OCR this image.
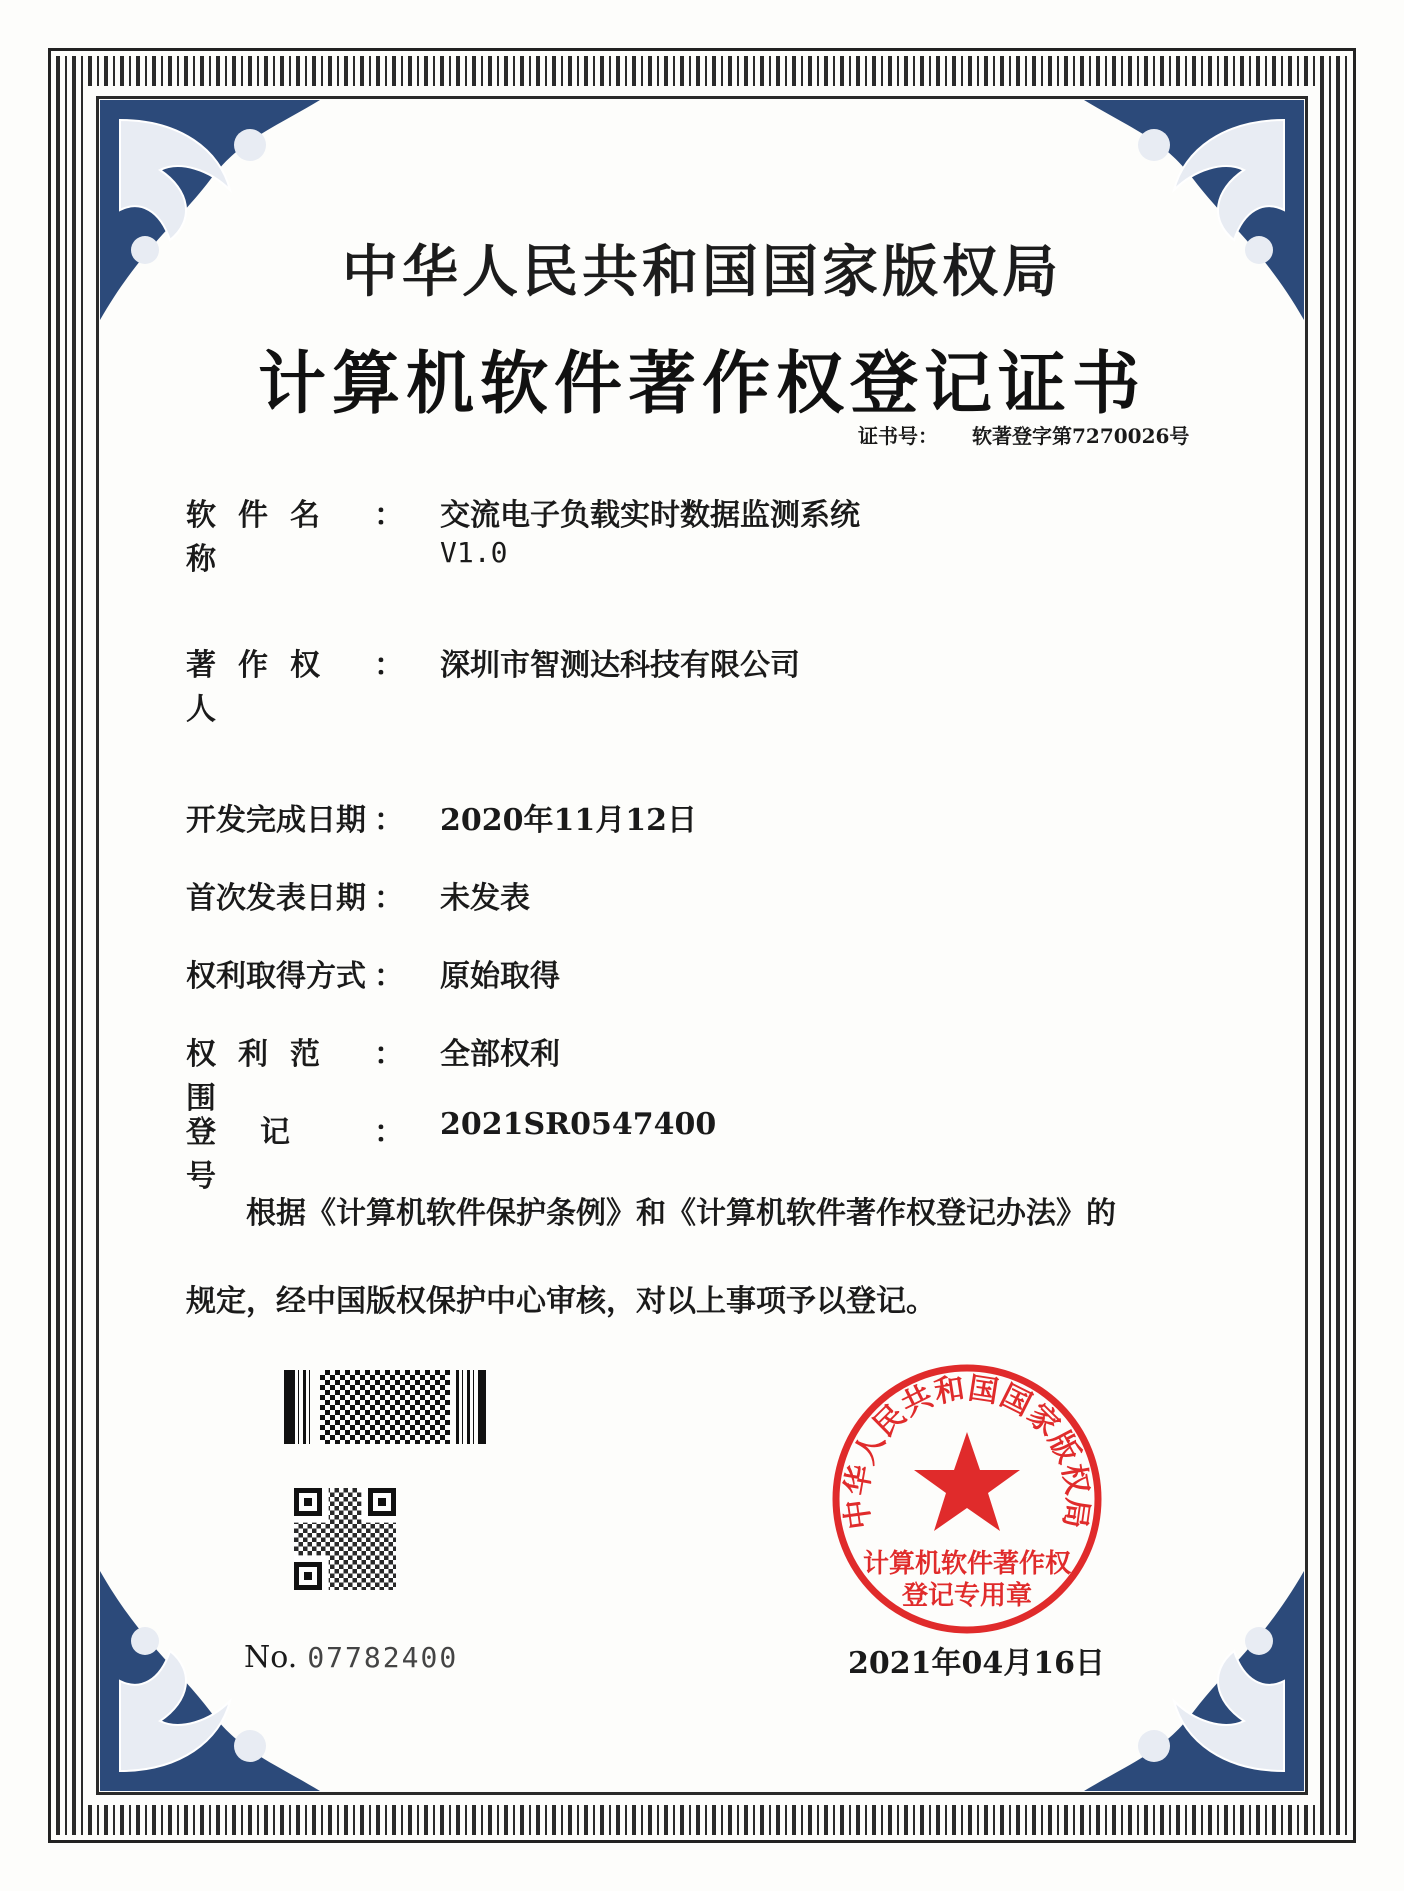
中华人民共和国国家版权局
计算机软件著作权登记证书
证书号： 软著登字第7270026号
软件名称
： 交流电子负载实时数据监测系统
V1.0
著作权人
： 深圳市智测达科技有限公司
开发完成日期 ： 2020年11月12日
首次发表日期 ： 未发表
权利取得方式 ： 原始取得
权利范围
： 全部权利
登记号
： 2021SR0547400
根据《计算机软件保护条例》和《计算机软件著作权登记办法》的
规定，经中国版权保护中心审核，对以上事项予以登记。
No. 07782400
中华人民共和国国家版权局
计算机软件著作权
登记专用章
2021年04月16日
